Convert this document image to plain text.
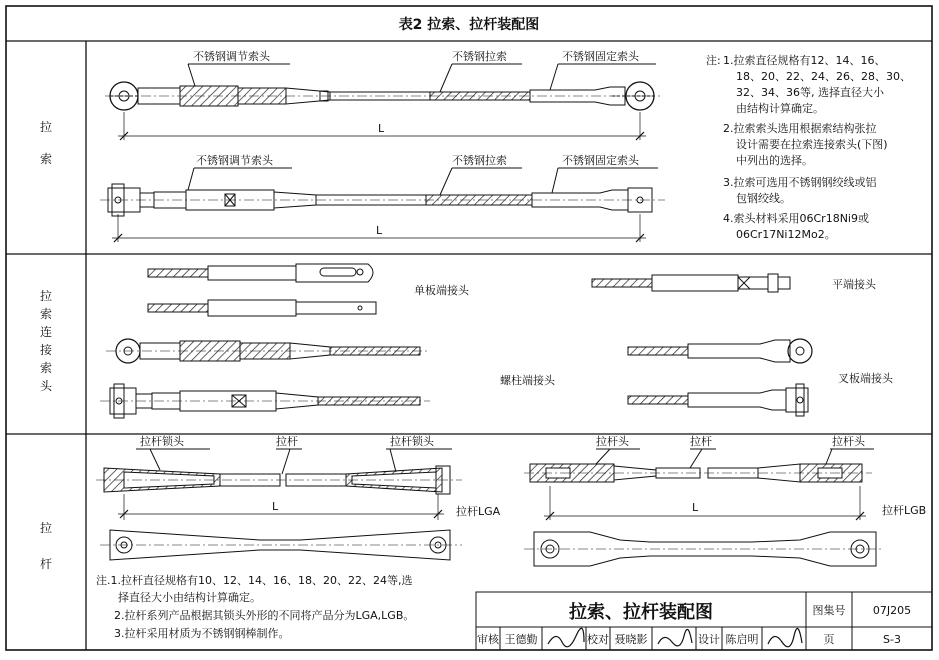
表2 拉索、拉杆装配图
拉
索
拉
索
连
接
索
头
拉
杆
不锈钢调节索头	不锈钢拉索	不锈钢固定索头
L
不锈钢调节索头	不锈钢拉索	不锈钢固定索头
L
注: 1.拉索直径规格有12、14、16、
18、20、22、24、26、28、30、
32、34、36等, 选择直径大小
由结构计算确定。
2.拉索索头选用根据索结构张拉
设计需要在拉索连接索头(下图)
中列出的选择。
3.拉索可选用不锈钢钢绞线或铝
包钢绞线。
4.索头材料采用06Cr18Ni9或
06Cr17Ni12Mo2。
单板端接头	平端接头
螺柱端接头	叉板端接头
拉杆锁头	拉杆	拉杆锁头
L	拉杆LGA
拉杆头	拉杆	拉杆头
L	拉杆LGB
注.1.拉杆直径规格有10、12、14、16、18、20、22、24等,选
择直径大小由结构计算确定。
2.拉杆系列产品根据其锁头外形的不同将产品分为LGA,LGB。
3.拉杆采用材质为不锈钢钢棒制作。
拉索、拉杆装配图	图集号 07J205
审核 王德勤	校对 聂晓影	设计 陈启明	页	S-3
